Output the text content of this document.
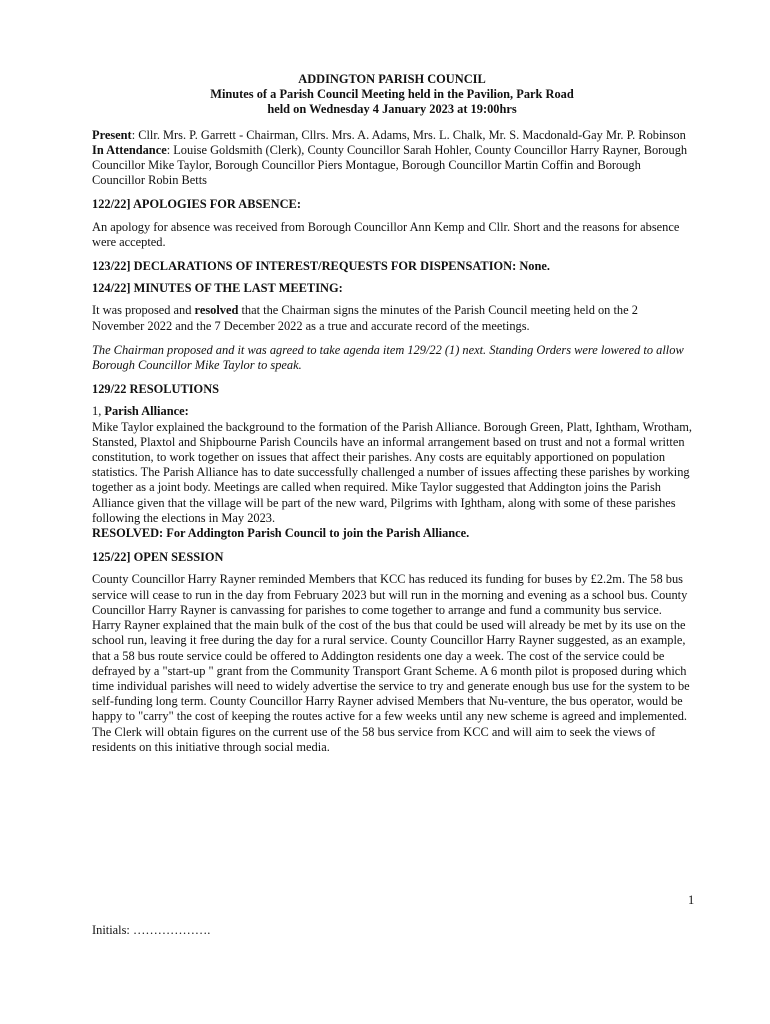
ADDINGTON PARISH COUNCIL
Minutes of a Parish Council Meeting held in the Pavilion, Park Road
held on Wednesday 4 January 2023 at 19:00hrs

Present: Cllr. Mrs. P. Garrett - Chairman, Cllrs. Mrs. A. Adams, Mrs. L. Chalk, Mr. S. Macdonald-Gay Mr. P. Robinson

In Attendance: Louise Goldsmith (Clerk), County Councillor Sarah Hohler, County Councillor Harry Rayner, Borough Councillor Mike Taylor, Borough Councillor Piers Montague, Borough Councillor Martin Coffin and Borough Councillor Robin Betts

122/22] APOLOGIES FOR ABSENCE:

An apology for absence was received from Borough Councillor Ann Kemp and Cllr. Short and the reasons for absence were accepted.

123/22] DECLARATIONS OF INTEREST/REQUESTS FOR DISPENSATION: None.

124/22] MINUTES OF THE LAST MEETING:

It was proposed and resolved that the Chairman signs the minutes of the Parish Council meeting held on the 2 November 2022 and the 7 December 2022 as a true and accurate record of the meetings.

The Chairman proposed and it was agreed to take agenda item 129/22 (1) next. Standing Orders were lowered to allow Borough Councillor Mike Taylor to speak.

129/22 RESOLUTIONS

1, Parish Alliance:

Mike Taylor explained the background to the formation of the Parish Alliance. Borough Green, Platt, Ightham, Wrotham, Stansted, Plaxtol and Shipbourne Parish Councils have an informal arrangement based on trust and not a formal written constitution, to work together on issues that affect their parishes. Any costs are equitably apportioned on population statistics. The Parish Alliance has to date successfully challenged a number of issues affecting these parishes by working together as a joint body. Meetings are called when required. Mike Taylor suggested that Addington joins the Parish Alliance given that the village will be part of the new ward, Pilgrims with Ightham, along with some of these parishes following the elections in May 2023.

RESOLVED: For Addington Parish Council to join the Parish Alliance.

125/22] OPEN SESSION

County Councillor Harry Rayner reminded Members that KCC has reduced its funding for buses by £2.2m. The 58 bus service will cease to run in the day from February 2023 but will run in the morning and evening as a school bus. County Councillor Harry Rayner is canvassing for parishes to come together to arrange and fund a community bus service. Harry Rayner explained that the main bulk of the cost of the bus that could be used will already be met by its use on the school run, leaving it free during the day for a rural service. County Councillor Harry Rayner suggested, as an example, that a 58 bus route service could be offered to Addington residents one day a week. The cost of the service could be defrayed by a "start-up " grant from the Community Transport Grant Scheme. A 6 month pilot is proposed during which time individual parishes will need to widely advertise the service to try and generate enough bus use for the system to be self-funding long term. County Councillor Harry Rayner advised Members that Nu-venture, the bus operator, would be happy to "carry" the cost of keeping the routes active for a few weeks until any new scheme is agreed and implemented. The Clerk will obtain figures on the current use of the 58 bus service from KCC and will aim to seek the views of residents on this initiative through social media.

1
Initials: ……………….
